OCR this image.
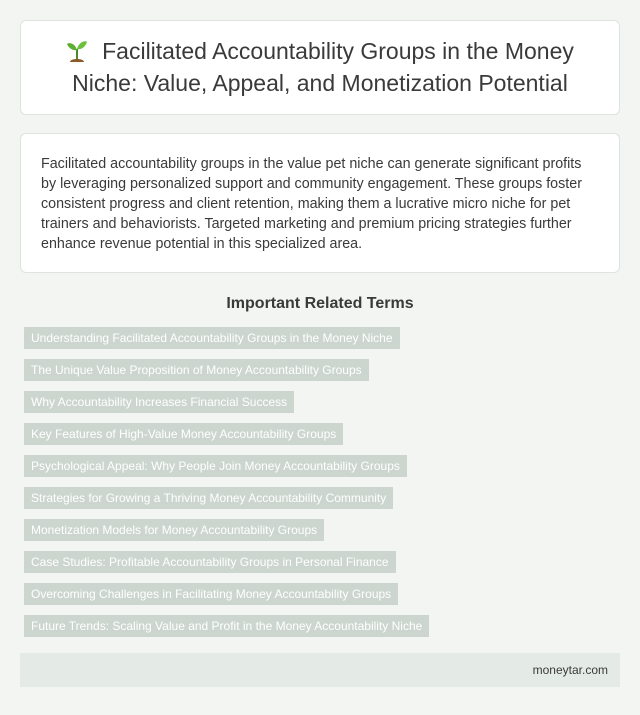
Facilitated Accountability Groups in the Money Niche: Value, Appeal, and Monetization Potential

Facilitated accountability groups in the value pet niche can generate significant profits by leveraging personalized support and community engagement. These groups foster consistent progress and client retention, making them a lucrative micro niche for pet trainers and behaviorists. Targeted marketing and premium pricing strategies further enhance revenue potential in this specialized area.

Important Related Terms
Understanding Facilitated Accountability Groups in the Money Niche
The Unique Value Proposition of Money Accountability Groups
Why Accountability Increases Financial Success
Key Features of High-Value Money Accountability Groups
Psychological Appeal: Why People Join Money Accountability Groups
Strategies for Growing a Thriving Money Accountability Community
Monetization Models for Money Accountability Groups
Case Studies: Profitable Accountability Groups in Personal Finance
Overcoming Challenges in Facilitating Money Accountability Groups
Future Trends: Scaling Value and Profit in the Money Accountability Niche
moneytar.com
